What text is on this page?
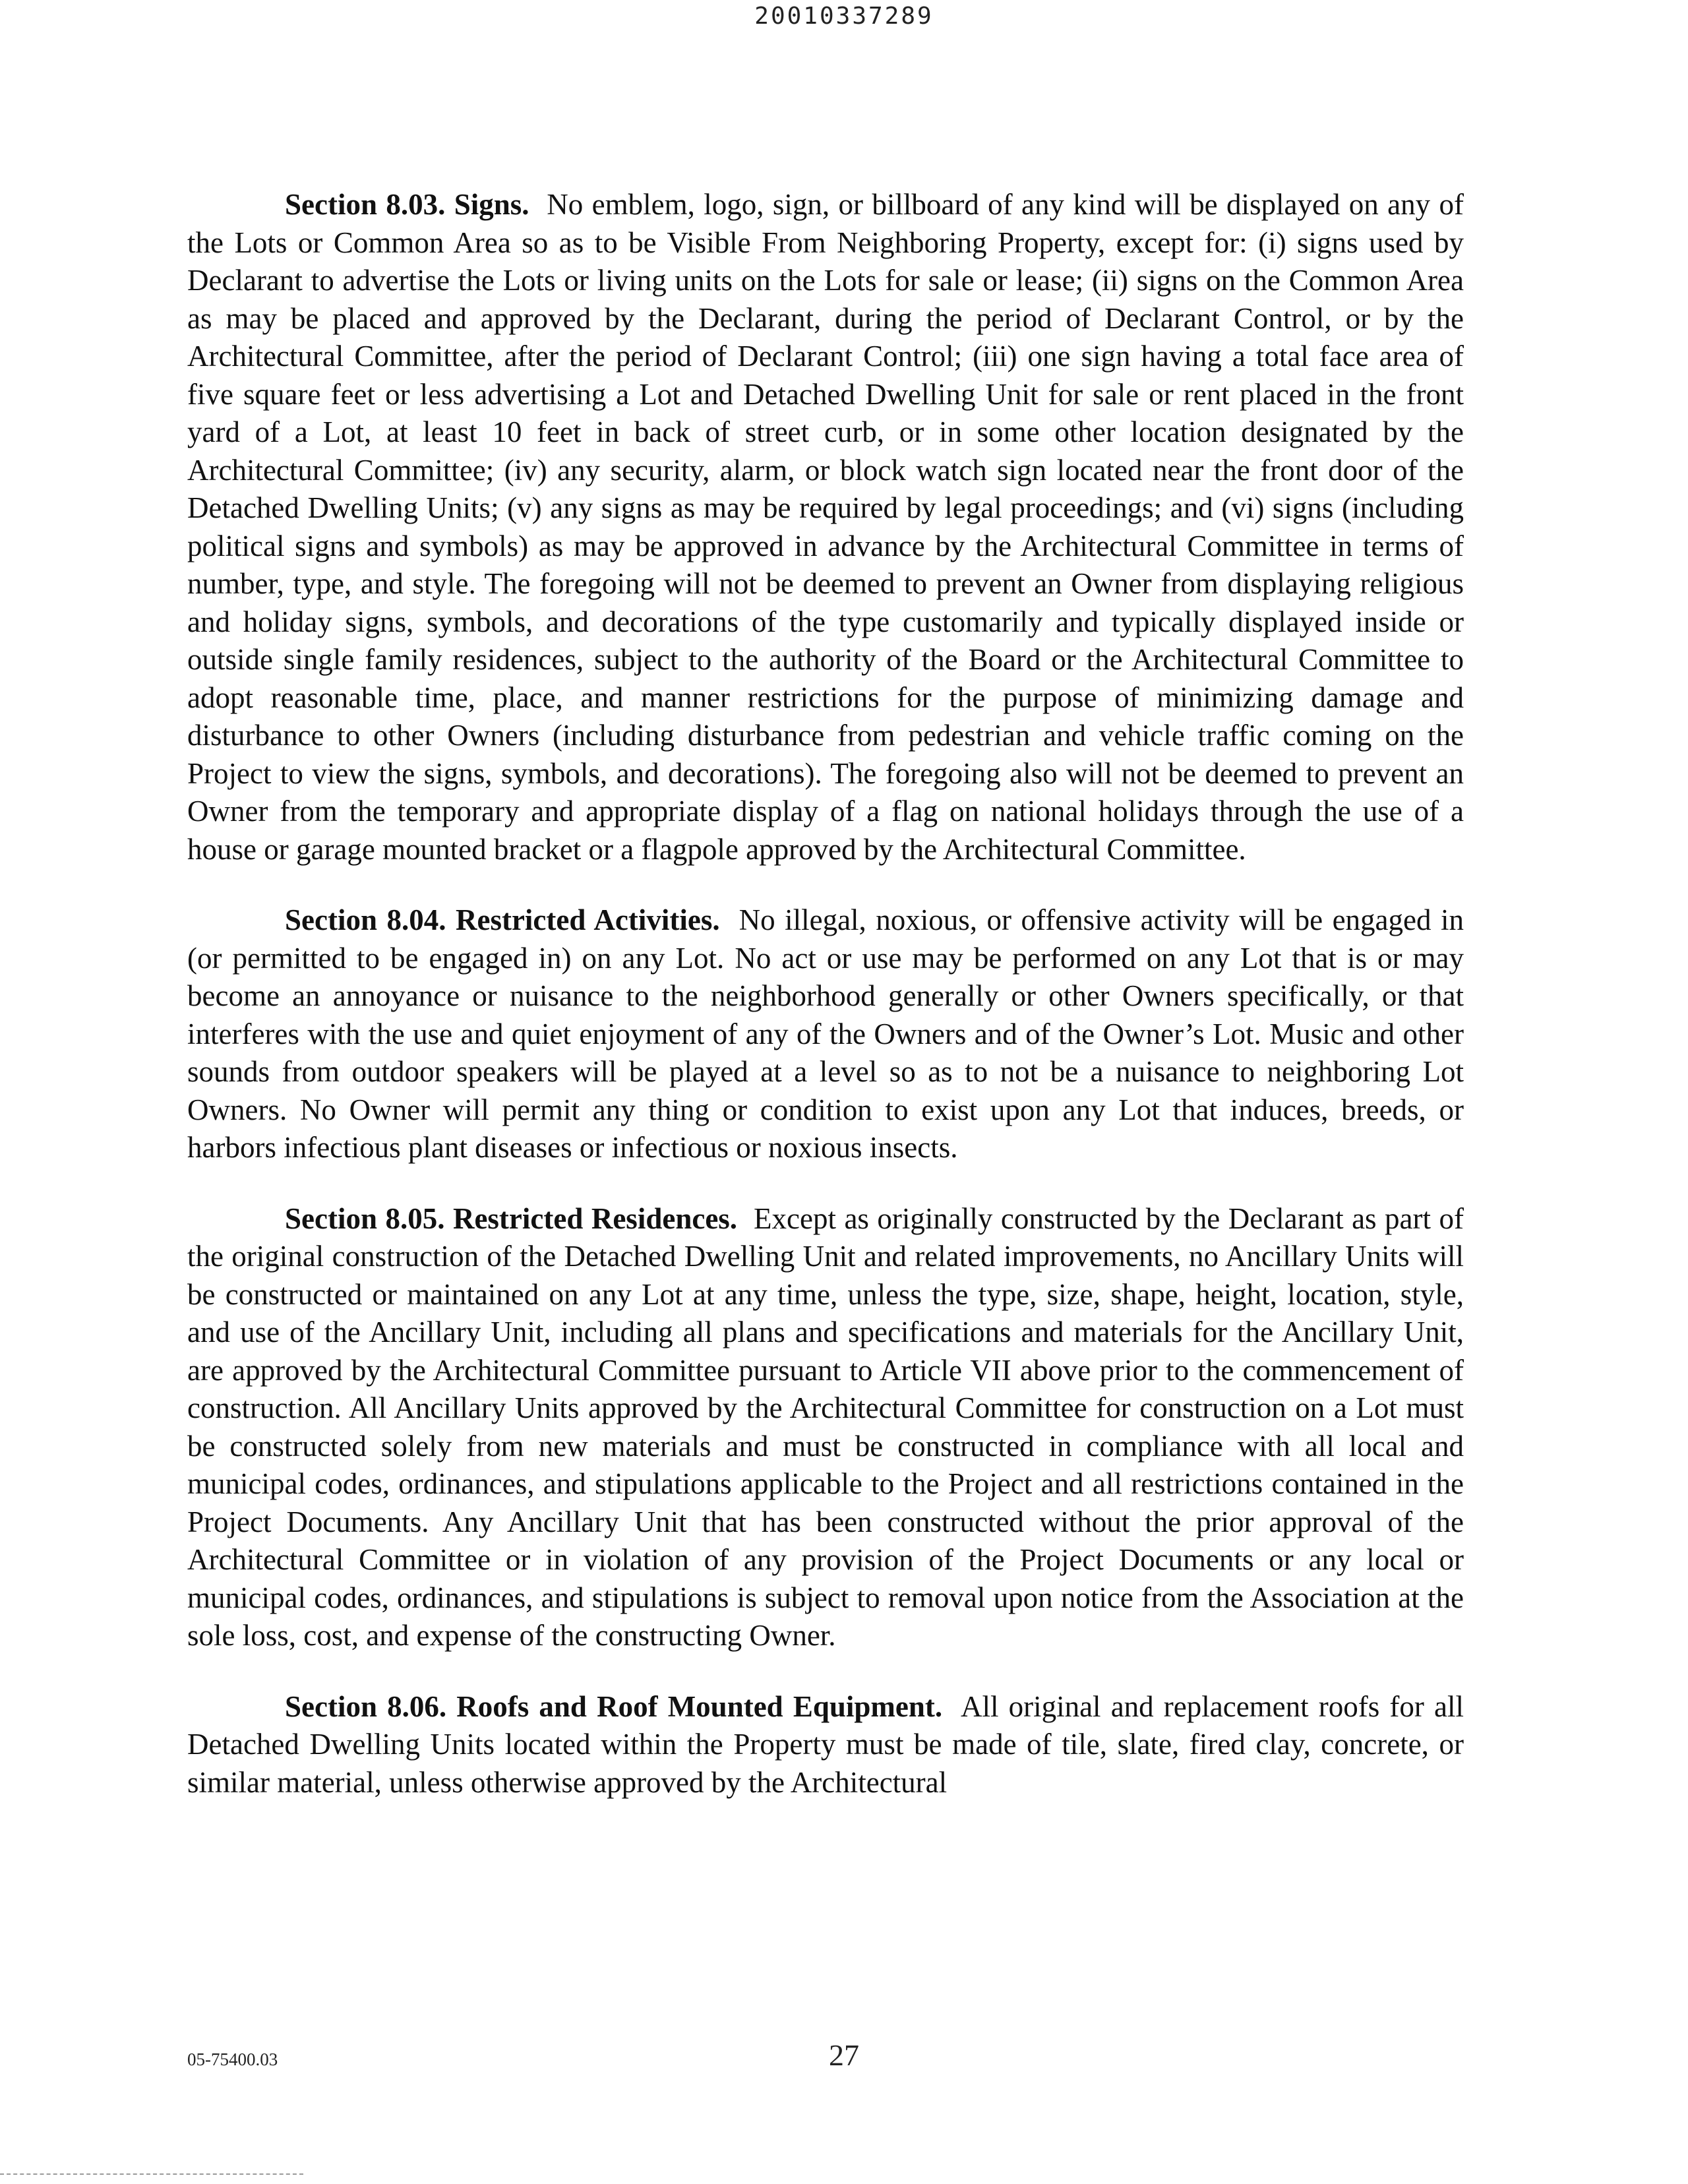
20010337289

Section 8.03. Signs. No emblem, logo, sign, or billboard of any kind will be displayed on any of the Lots or Common Area so as to be Visible From Neighboring Property, except for: (i) signs used by Declarant to advertise the Lots or living units on the Lots for sale or lease; (ii) signs on the Common Area as may be placed and approved by the Declarant, during the period of Declarant Control, or by the Architectural Committee, after the period of Declarant Control; (iii) one sign having a total face area of five square feet or less advertising a Lot and Detached Dwelling Unit for sale or rent placed in the front yard of a Lot, at least 10 feet in back of street curb, or in some other location designated by the Architectural Committee; (iv) any security, alarm, or block watch sign located near the front door of the Detached Dwelling Units; (v) any signs as may be required by legal proceedings; and (vi) signs (including political signs and symbols) as may be approved in advance by the Architectural Committee in terms of number, type, and style. The foregoing will not be deemed to prevent an Owner from displaying religious and holiday signs, symbols, and decorations of the type customarily and typically displayed inside or outside single family residences, subject to the authority of the Board or the Architectural Committee to adopt reasonable time, place, and manner restrictions for the purpose of minimizing damage and disturbance to other Owners (including disturbance from pedestrian and vehicle traffic coming on the Project to view the signs, symbols, and decorations). The foregoing also will not be deemed to prevent an Owner from the temporary and appropriate display of a flag on national holidays through the use of a house or garage mounted bracket or a flagpole approved by the Architectural Committee.

Section 8.04. Restricted Activities. No illegal, noxious, or offensive activity will be engaged in (or permitted to be engaged in) on any Lot. No act or use may be performed on any Lot that is or may become an annoyance or nuisance to the neighborhood generally or other Owners specifically, or that interferes with the use and quiet enjoyment of any of the Owners and of the Owner’s Lot. Music and other sounds from outdoor speakers will be played at a level so as to not be a nuisance to neighboring Lot Owners. No Owner will permit any thing or condition to exist upon any Lot that induces, breeds, or harbors infectious plant diseases or infectious or noxious insects.

Section 8.05. Restricted Residences. Except as originally constructed by the Declarant as part of the original construction of the Detached Dwelling Unit and related improvements, no Ancillary Units will be constructed or maintained on any Lot at any time, unless the type, size, shape, height, location, style, and use of the Ancillary Unit, including all plans and specifications and materials for the Ancillary Unit, are approved by the Architectural Committee pursuant to Article VII above prior to the commencement of construction. All Ancillary Units approved by the Architectural Committee for construction on a Lot must be constructed solely from new materials and must be constructed in compliance with all local and municipal codes, ordinances, and stipulations applicable to the Project and all restrictions contained in the Project Documents. Any Ancillary Unit that has been constructed without the prior approval of the Architectural Committee or in violation of any provision of the Project Documents or any local or municipal codes, ordinances, and stipulations is subject to removal upon notice from the Association at the sole loss, cost, and expense of the constructing Owner.

Section 8.06. Roofs and Roof Mounted Equipment. All original and replacement roofs for all Detached Dwelling Units located within the Property must be made of tile, slate, fired clay, concrete, or similar material, unless otherwise approved by the Architectural

05-75400.03	27
